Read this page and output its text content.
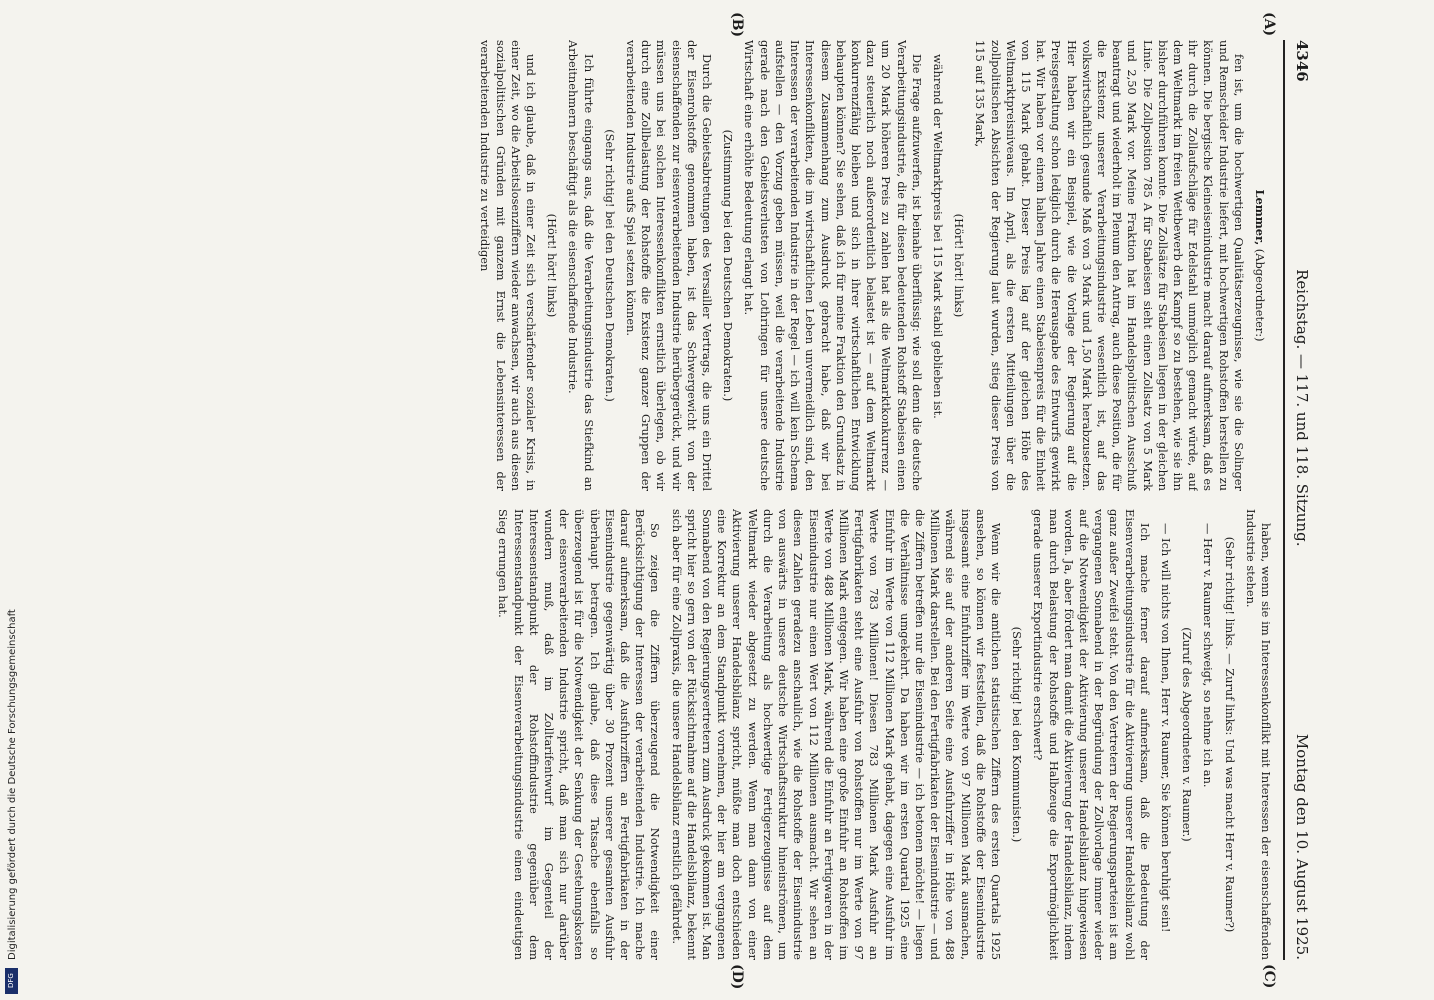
Digitalisierung gefördert durch die Deutsche Forschungsgemeinschaft
DFG
4346
Reichstag. — 117. und 118. Sitzung.
Montag den 10. August 1925.

Lemmer, (Abgeordneter:)

fen ist, um die hochwertigen Qualitätserzeugnisse, wie sie die Solinger und Remscheider Industrie liefert, mit hochwertigen Rohstoffen herstellen zu können. Die bergische Kleineisenindustrie macht darauf aufmerksam, daß es ihr durch die Zollaufschläge für Edelstahl unmöglich gemacht würde, auf dem Weltmarkt im freien Wettbewerb den Kampf so zu bestehen, wie sie ihn bisher durchführen konnte. Die Zollsätze für Stabeisen liegen in der gleichen Linie. Die Zollposition 785 A für Stabeisen sieht einen Zollsatz von 5 Mark und 2,50 Mark vor. Meine Fraktion hat im Handelspolitischen Ausschuß beantragt und wiederholt im Plenum den Antrag, auch diese Position, die für die Existenz unserer Verarbeitungsindustrie wesentlich ist, auf das volkswirtschaftlich gesunde Maß von 3 Mark und 1,50 Mark herabzusetzen. Hier haben wir ein Beispiel, wie die Vorlage der Regierung auf die Preisgestaltung schon lediglich durch die Herausgabe des Entwurfs gewirkt hat. Wir haben vor einem halben Jahre einen Stabeisenpreis für die Einheit von 115 Mark gehabt. Dieser Preis lag auf der gleichen Höhe des Weltmarktpreisniveaus. Im April, als die ersten Mitteilungen über die zollpolitischen Absichten der Regierung laut wurden, stieg dieser Preis von 115 auf 135 Mark,

(Hört! hört! links)

während der Weltmarktpreis bei 115 Mark stabil geblieben ist.

Die Frage aufzuwerfen, ist beinahe überflüssig: wie soll denn die deutsche Verarbeitungsindustrie, die für diesen bedeutenden Rohstoff Stabeisen einen um 20 Mark höheren Preis zu zahlen hat als die Weltmarktkonkurrenz — dazu steuerlich noch außerordentlich belastet ist — auf dem Weltmarkt konkurrenzfähig bleiben und sich in ihrer wirtschaftlichen Entwicklung behaupten können? Sie sehen, daß ich für meine Fraktion den Grundsatz in diesem Zusammenhang zum Ausdruck gebracht habe, daß wir bei Interessenkonflikten, die im wirtschaftlichen Leben unvermeidlich sind, den Interessen der verarbeitenden Industrie in der Regel — ich will kein Schema aufstellen — den Vorzug geben müssen, weil die verarbeitende Industrie gerade nach den Gebietsverlusten von Lothringen für unsere deutsche Wirtschaft eine erhöhte Bedeutung erlangt hat.

(Zustimmung bei den Deutschen Demokraten.)

Durch die Gebietsabtretungen des Versailler Vertrags, die uns ein Drittel der Eisenrohstoffe genommen haben, ist das Schwergewicht von der eisenschaffenden zur eisenverarbeitenden Industrie herübergerückt, und wir müssen uns bei solchen Interessenkonflikten ernstlich überlegen, ob wir durch eine Zollbelastung der Rohstoffe die Existenz ganzer Gruppen der verarbeitenden Industrie aufs Spiel setzen können.

(Sehr richtig! bei den Deutschen Demokraten.)

Ich führte eingangs aus, daß die Verarbeitungsindustrie das Stiefkind an Arbeitnehmern beschäftigt als die eisenschaffende Industrie.

(Hört! hört! links)

und ich glaube, daß in einer Zeit sich verschärfender sozialer Krisis, in einer Zeit, wo die Arbeitslosenziffern wieder anwachsen, wir auch aus diesen sozialpolitischen Gründen mit ganzem Ernst die Lebensinteressen der verarbeitenden Industrie zu verteidigen

haben, wenn sie im Interessenkonflikt mit Interessen der eisenschaffenden Industrie stehen.

(Sehr richtig! links. — Zuruf links: Und was macht Herr v. Raumer?)

— Herr v. Raumer schweigt, so nehme ich an.

(Zuruf des Abgeordneten v. Raumer.)

— Ich will nichts von Ihnen, Herr v. Raumer, Sie können beruhigt sein!

Ich mache ferner darauf aufmerksam, daß die Bedeutung der Eisenverarbeitungsindustrie für die Aktivierung unserer Handelsbilanz wohl ganz außer Zweifel steht. Von den Vertretern der Regierungsparteien ist am vergangenen Sonnabend in der Begründung der Zollvorlage immer wieder auf die Notwendigkeit der Aktivierung unserer Handelsbilanz hingewiesen worden. Ja, aber fördert man damit die Aktivierung der Handelsbilanz, indem man durch Belastung der Rohstoffe und Halbzeuge die Exportmöglichkeit gerade unserer Exportindustrie erschwert?

(Sehr richtig! bei den Kommunisten.)

Wenn wir die amtlichen statistischen Ziffern des ersten Quartals 1925 ansehen, so können wir feststellen, daß die Rohstoffe der Eisenindustrie insgesamt eine Einfuhrziffer im Werte von 97 Millionen Mark ausmachen, während sie auf der anderen Seite eine Ausfuhrziffer in Höhe von 488 Millionen Mark darstellen. Bei den Fertigfabrikaten der Eisenindustrie — und die Ziffern betreffen nur die Eisenindustrie — ich betonen möchte! — liegen die Verhältnisse umgekehrt. Da haben wir im ersten Quartal 1925 eine Einfuhr im Werte von 112 Millionen Mark gehabt, dagegen eine Ausfuhr im Werte von 783 Millionen! Diesen 783 Millionen Mark Ausfuhr an Fertigfabrikaten steht eine Ausfuhr von Rohstoffen nur im Werte von 97 Millionen Mark entgegen. Wir haben eine große Einfuhr an Rohstoffen im Werte von 488 Millionen Mark, während die Einfuhr an Fertigwaren in der Eisenindustrie nur einen Wert von 112 Millionen ausmacht. Wir sehen an diesen Zahlen geradezu anschaulich, wie die Rohstoffe der Eisenindustrie von auswärts in unsere deutsche Wirtschaftsstruktur hineinströmen, um durch die Verarbeitung als hochwertige Fertigerzeugnisse auf dem Weltmarkt wieder abgesetzt zu werden. Wenn man dann von einer Aktivierung unserer Handelsbilanz spricht, müßte man doch entschieden eine Korrektur an dem Standpunkt vornehmen, der hier am vergangenen Sonnabend von den Regierungsvertretern zum Ausdruck gekommen ist. Man spricht hier so gern von der Rücksichtnahme auf die Handelsbilanz, bekennt sich aber für eine Zollpraxis, die unsere Handelsbilanz ernstlich gefährdet.

So zeigen die Ziffern überzeugend die Notwendigkeit einer Berücksichtigung der Interessen der verarbeitenden Industrie. Ich mache darauf aufmerksam, daß die Ausfuhrziffern an Fertigfabrikaten in der Eisenindustrie gegenwärtig über 30 Prozent unserer gesamten Ausfuhr überhaupt betragen. Ich glaube, daß diese Tatsache ebenfalls so überzeugend ist für die Notwendigkeit der Senkung der Gestehungskosten der eisenverarbeitenden Industrie spricht, daß man sich nur darüber wundern muß, daß im Zolltarifentwurf im Gegenteil der Interessenstandpunkt der Rohstoffindustrie gegenüber dem Interessenstandpunkt der Eisenverarbeitungsindustrie einen eindeutigen Sieg errungen hat.

(A)
(B)
(C)
(D)
